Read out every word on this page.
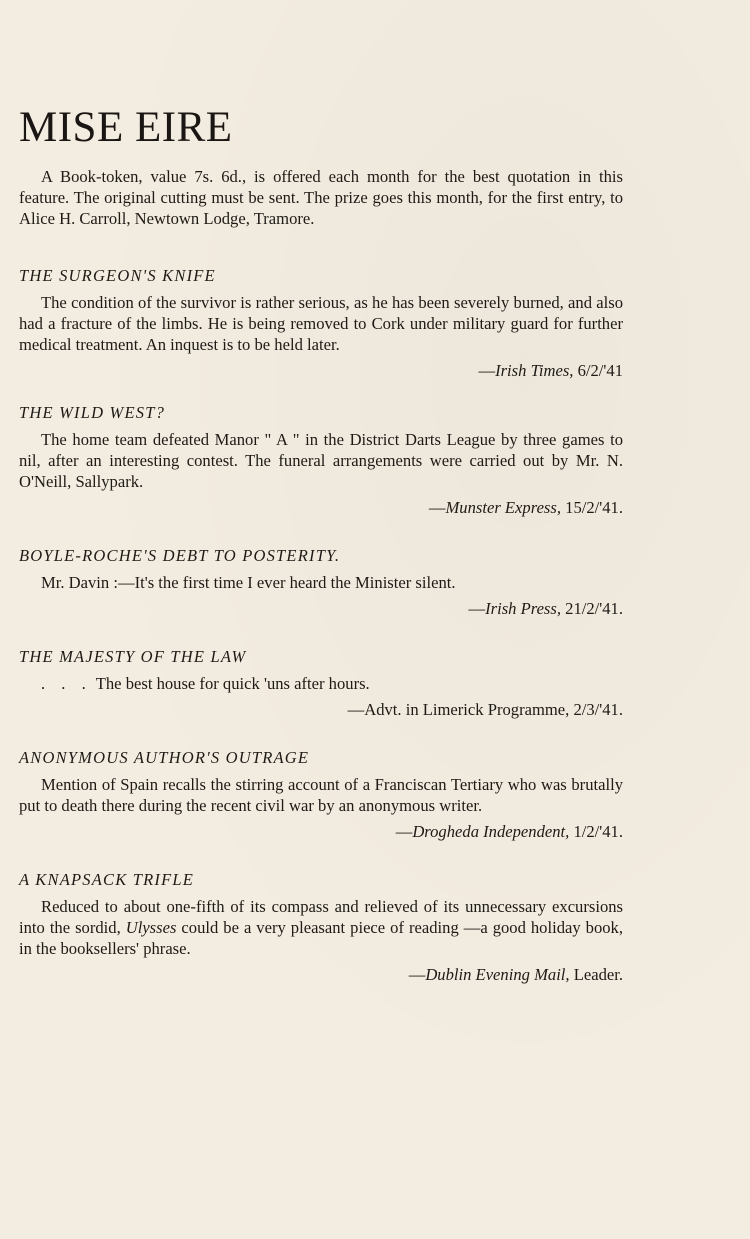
MISE EIRE

A Book-token, value 7s. 6d., is offered each month for the best quotation in this feature. The original cutting must be sent. The prize goes this month, for the first entry, to Alice H. Carroll, Newtown Lodge, Tramore.

THE SURGEON'S KNIFE

The condition of the survivor is rather serious, as he has been severely burned, and also had a fracture of the limbs. He is being removed to Cork under military guard for further medical treatment. An inquest is to be held later.

—Irish Times, 6/2/'41

THE WILD WEST?

The home team defeated Manor " A " in the District Darts League by three games to nil, after an interesting contest. The funeral arrangements were carried out by Mr. N. O'Neill, Sallypark.

—Munster Express, 15/2/'41.

BOYLE-ROCHE'S DEBT TO POSTERITY.

Mr. Davin :—It's the first time I ever heard the Minister silent.

—Irish Press, 21/2/'41.

THE MAJESTY OF THE LAW

. . . The best house for quick 'uns after hours.

—Advt. in Limerick Programme, 2/3/'41.

ANONYMOUS AUTHOR'S OUTRAGE

Mention of Spain recalls the stirring account of a Franciscan Tertiary who was brutally put to death there during the recent civil war by an anonymous writer.

—Drogheda Independent, 1/2/'41.

A KNAPSACK TRIFLE

Reduced to about one-fifth of its compass and relieved of its unnecessary excursions into the sordid, Ulysses could be a very pleasant piece of reading —a good holiday book, in the booksellers' phrase.

—Dublin Evening Mail, Leader.
